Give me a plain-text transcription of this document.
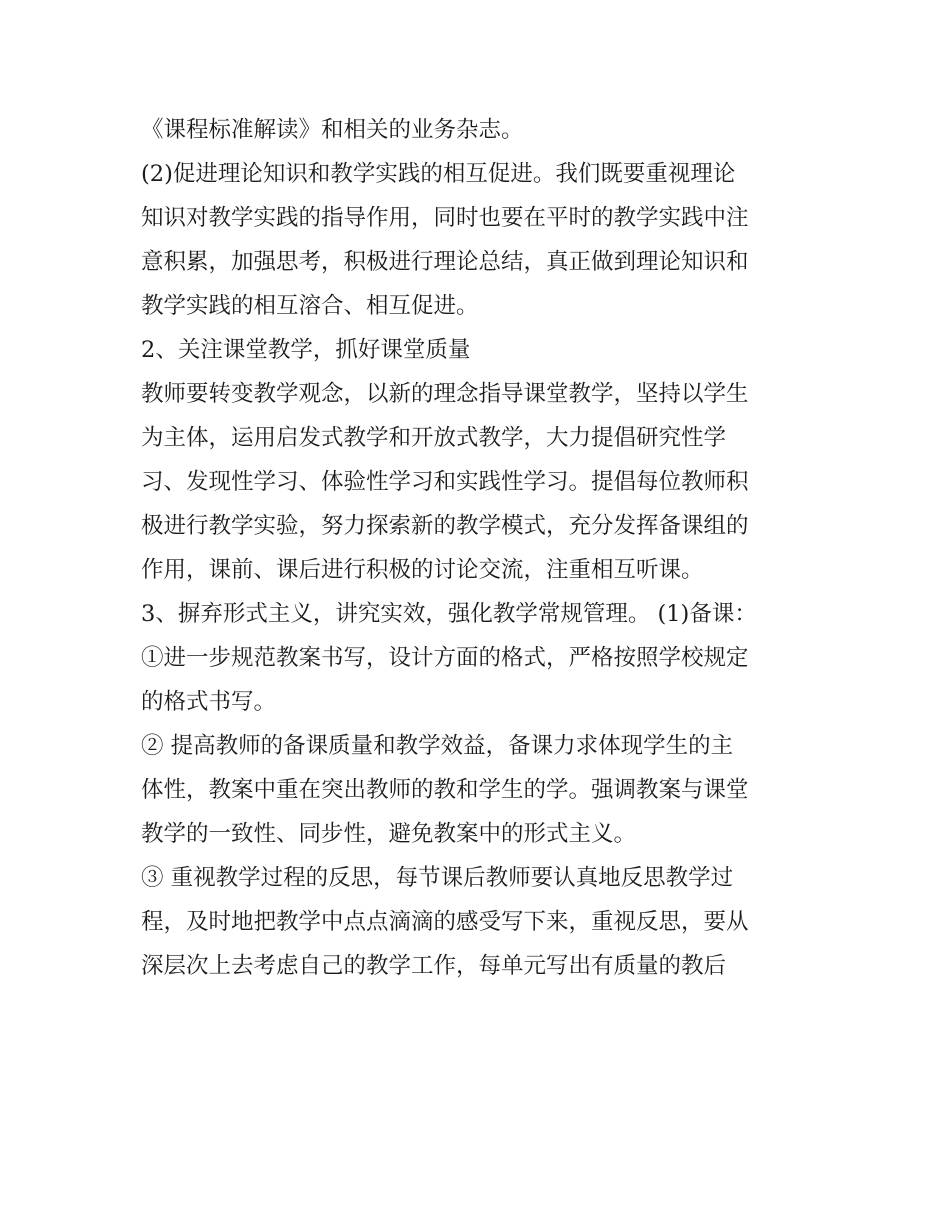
《课程标准解读》和相关的业务杂志。
(2)促进理论知识和教学实践的相互促进。我们既要重视理论
知识对教学实践的指导作用，同时也要在平时的教学实践中注
意积累，加强思考，积极进行理论总结，真正做到理论知识和
教学实践的相互溶合、相互促进。
2、关注课堂教学，抓好课堂质量
教师要转变教学观念，以新的理念指导课堂教学，坚持以学生
为主体，运用启发式教学和开放式教学，大力提倡研究性学
习、发现性学习、体验性学习和实践性学习。提倡每位教师积
极进行教学实验，努力探索新的教学模式，充分发挥备课组的
作用，课前、课后进行积极的讨论交流，注重相互听课。
3、摒弃形式主义，讲究实效，强化教学常规管理。 (1)备课：
①进一步规范教案书写，设计方面的格式，严格按照学校规定
的格式书写。
② 提高教师的备课质量和教学效益，备课力求体现学生的主
体性，教案中重在突出教师的教和学生的学。强调教案与课堂
教学的一致性、同步性，避免教案中的形式主义。
③ 重视教学过程的反思，每节课后教师要认真地反思教学过
程，及时地把教学中点点滴滴的感受写下来，重视反思，要从
深层次上去考虑自己的教学工作，每单元写出有质量的教后
